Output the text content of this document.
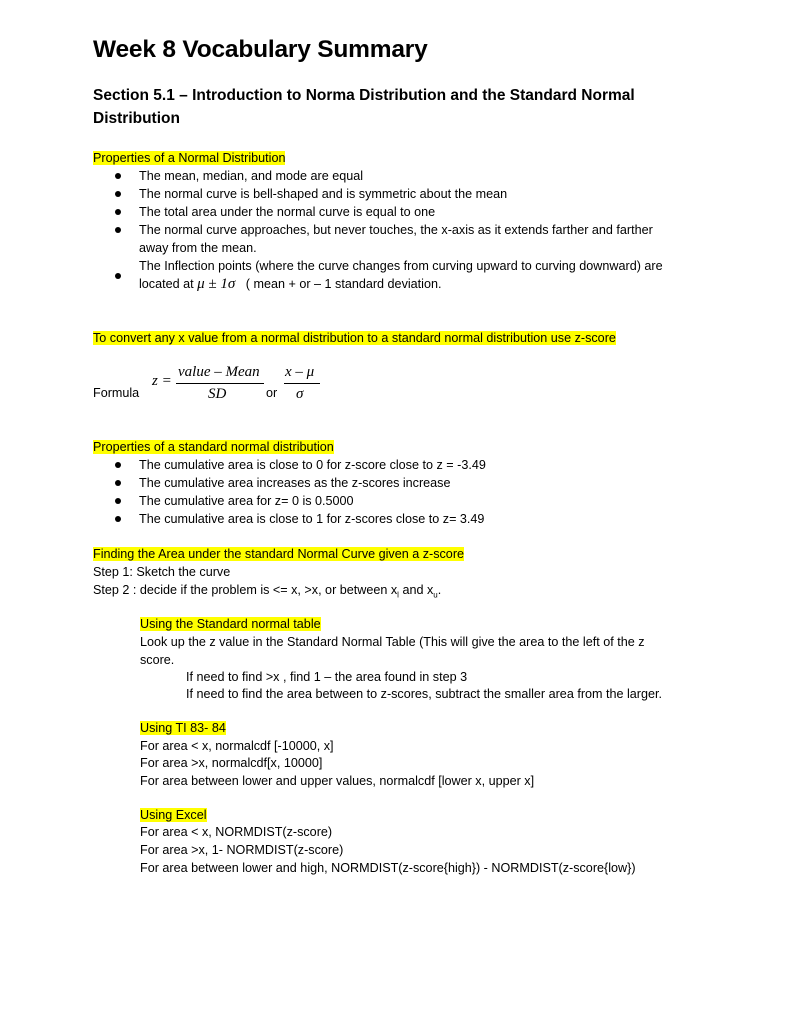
Week 8 Vocabulary Summary
Section 5.1 – Introduction to Norma Distribution and the Standard Normal
Distribution
Properties of a Normal Distribution
The mean, median, and mode are equal
The normal curve is bell-shaped and is symmetric about the mean
The total area under the normal curve is equal to one
The normal curve approaches, but never touches, the x-axis as it extends farther and farther
away from the mean.
The Inflection points (where the curve changes from curving upward to curving downward) are
located at μ ± 1σ ( mean + or – 1 standard deviation.
To convert any x value from a normal distribution to a standard normal distribution use z-score
Formula
z =
value – Mean
SD	or
x – μ
σ
Properties of a standard normal distribution
The cumulative area is close to 0 for z-score close to z = -3.49
The cumulative area increases as the z-scores increase
The cumulative area for z= 0 is 0.5000
The cumulative area is close to 1 for z-scores close to z= 3.49
Finding the Area under the standard Normal Curve given a z-score
Step 1: Sketch the curve
Step 2 : decide if the problem is <= x, >x, or between $x_l$ and $x_u$.
Using the Standard normal table
Look up the z value in the Standard Normal Table (This will give the area to the left of the z
score.
If need to find >x , find 1 – the area found in step 3
If need to find the area between to z-scores, subtract the smaller area from the larger.
Using TI 83- 84
For area < x, normalcdf [-10000, x]
For area >x, normalcdf[x, 10000]
For area between lower and upper values, normalcdf [lower x, upper x]
Using Excel
For area < x, NORMDIST(z-score)
For area >x, 1- NORMDIST(z-score)
For area between lower and high, NORMDIST(z-score{high}) - NORMDIST(z-score{low})
